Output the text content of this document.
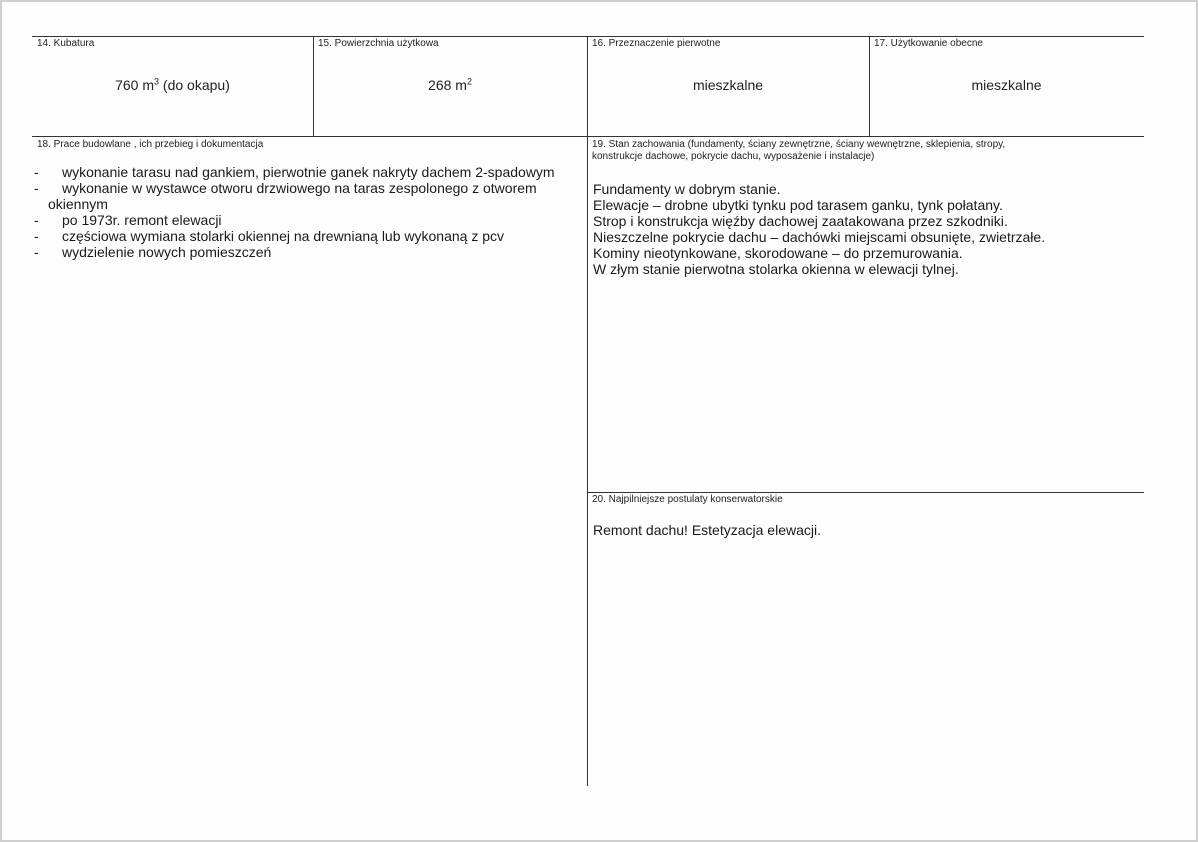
14. Kubatura
760 $m^3$ (do okapu)
15. Powierzchnia użytkowa
268 $m^2$
16. Przeznaczenie pierwotne
mieszkalne
17. Użytkowanie obecne
mieszkalne
18. Prace budowlane , ich przebieg i dokumentacja
- wykonanie tarasu nad gankiem, pierwotnie ganek nakryty dachem 2-spadowym
- wykonanie w wystawce otworu drzwiowego na taras zespolonego z otworem
okiennym
- po 1973r. remont elewacji
- częściowa wymiana stolarki okiennej na drewnianą lub wykonaną z pcv
- wydzielenie nowych pomieszczeń
19. Stan zachowania (fundamenty, ściany zewnętrzne, ściany wewnętrzne, sklepienia, stropy,
konstrukcje dachowe, pokrycie dachu, wyposażenie i instalacje)
Fundamenty w dobrym stanie.
Elewacje – drobne ubytki tynku pod tarasem ganku, tynk połatany.
Strop i konstrukcja więźby dachowej zaatakowana przez szkodniki.
Nieszczelne pokrycie dachu – dachówki miejscami obsunięte, zwietrzałe.
Kominy nieotynkowane, skorodowane – do przemurowania.
W złym stanie pierwotna stolarka okienna w elewacji tylnej.
20. Najpilniejsze postulaty konserwatorskie
Remont dachu! Estetyzacja elewacji.
